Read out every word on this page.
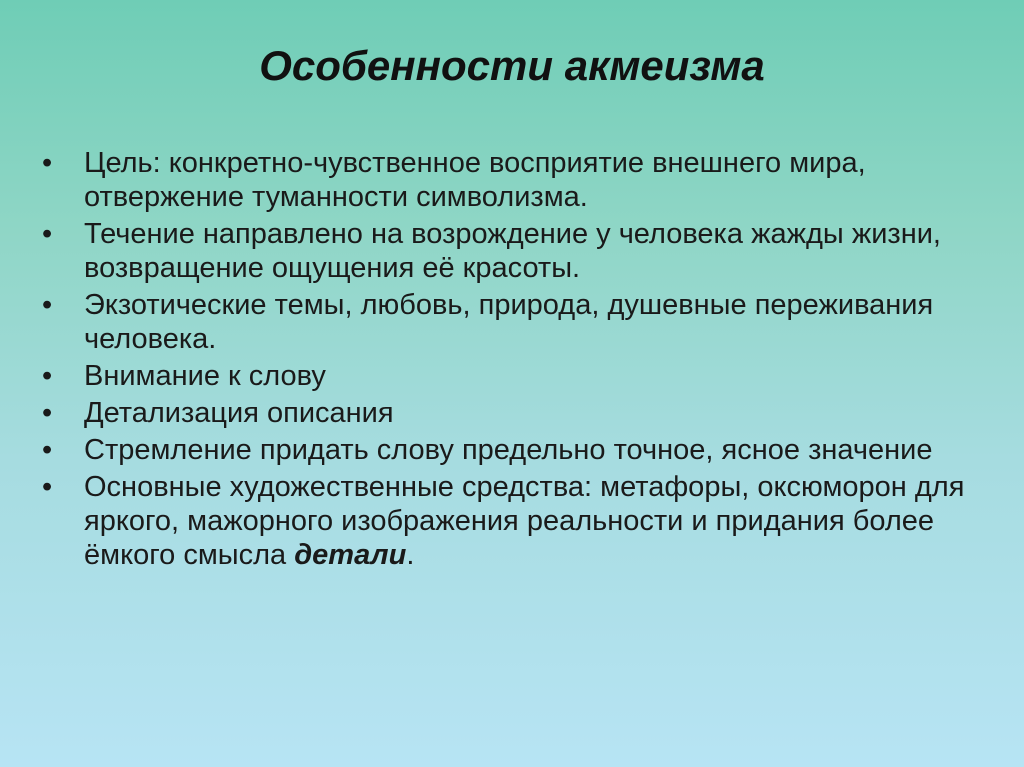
Особенности акмеизма
•	Цель: конкретно-чувственное восприятие внешнего мира, отвержение туманности символизма.
•	Течение направлено на возрождение у человека жажды жизни, возвращение ощущения её красоты.
•	Экзотические темы, любовь, природа, душевные переживания человека.
•	Внимание к слову
•	Детализация описания
•	Стремление придать слову предельно точное, ясное значение
•	Основные художественные средства: метафоры, оксюморон для яркого, мажорного изображения реальности и придания более ёмкого смысла детали.
